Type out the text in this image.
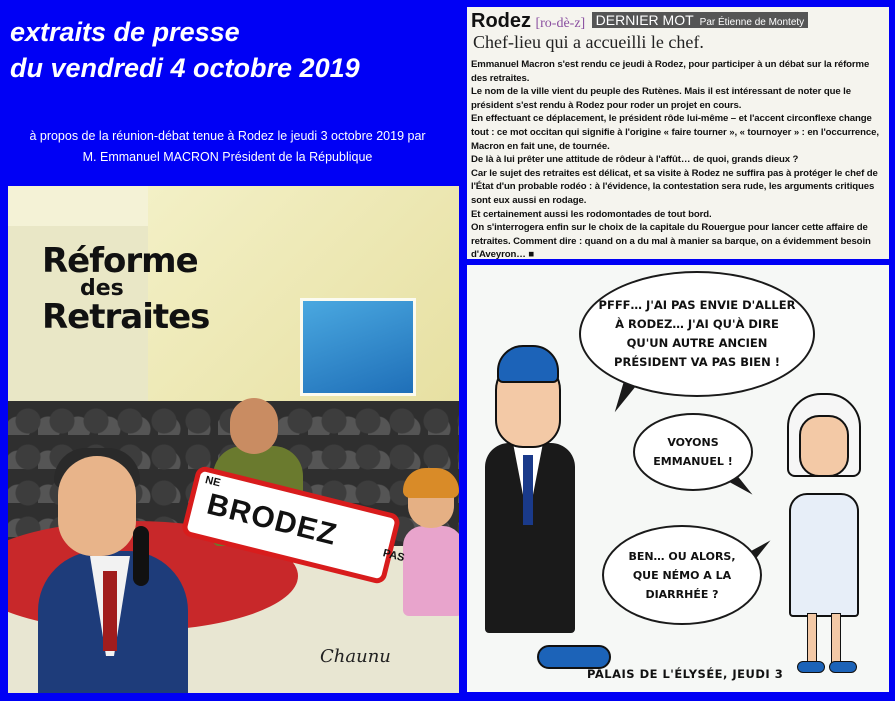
extraits de presse
du vendredi 4 octobre 2019
à propos de la réunion-débat tenue à Rodez le jeudi 3 octobre 2019 par
M. Emmanuel MACRON Président de la République
Réforme
des
Retraites
NE
BRODEZ
PAS
Chaunu
Rodez [ro-dè-z] DERNIER MOT Par Étienne de Montety
Chef-lieu qui a accueilli le chef.

Emmanuel Macron s'est rendu ce jeudi à Rodez, pour participer à un débat sur la réforme des retraites.

Le nom de la ville vient du peuple des Rutènes. Mais il est intéressant de noter que le président s'est rendu à Rodez pour roder un projet en cours.

En effectuant ce déplacement, le président rôde lui-même – et l'accent circonflexe change tout : ce mot occitan qui signifie à l'origine « faire tourner », « tournoyer » : en l'occurrence, Macron en fait une, de tournée.

De là à lui prêter une attitude de rôdeur à l'affût… de quoi, grands dieux ?

Car le sujet des retraites est délicat, et sa visite à Rodez ne suffira pas à protéger le chef de l'État d'un probable rodéo : à l'évidence, la contestation sera rude, les arguments critiques sont eux aussi en rodage.

Et certainement aussi les rodomontades de tout bord.

On s'interrogera enfin sur le choix de la capitale du Rouergue pour lancer cette affaire de retraites. Comment dire : quand on a du mal à manier sa barque, on a évidemment besoin d'Aveyron… ■

PFFF… J'AI PAS ENVIE D'ALLER À RODEZ… J'AI QU'À DIRE QU'UN AUTRE ANCIEN PRÉSIDENT VA PAS BIEN !
VOYONS EMMANUEL !
BEN… OU ALORS, QUE NÉMO A LA DIARRHÉE ?
PALAIS DE L'ÉLYSÉE, JEUDI 3
